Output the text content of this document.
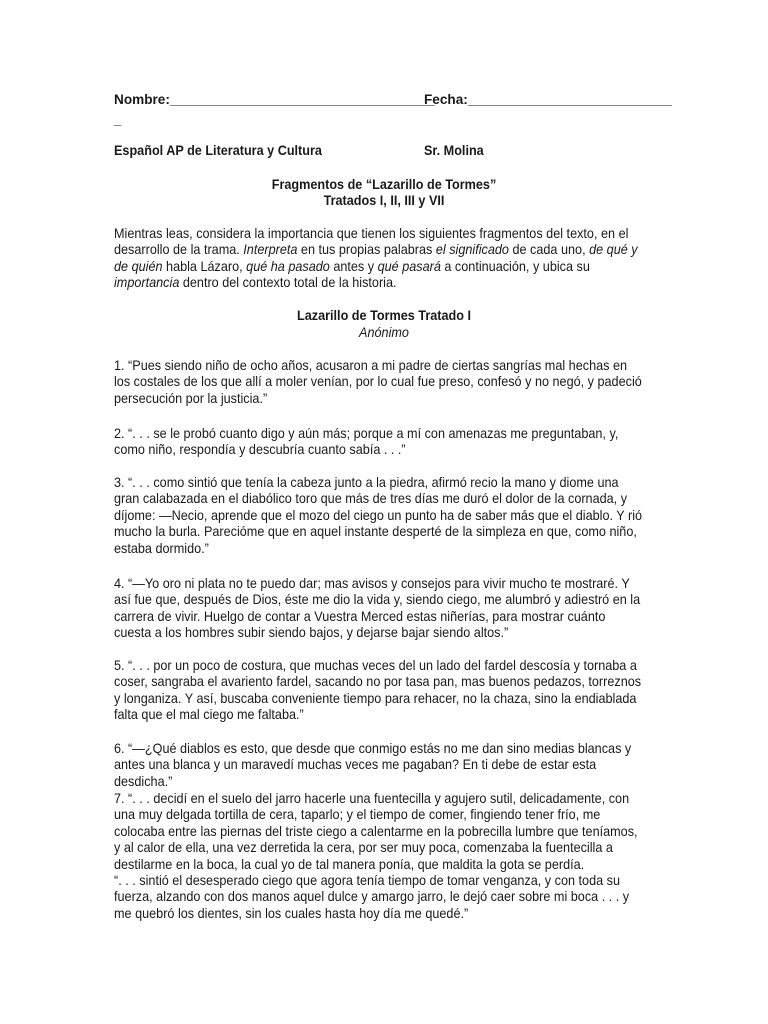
Nombre:___________________________________
Fecha:___________________________
_
Español AP de Literatura y Cultura	Sr. Molina
Fragmentos de “Lazarillo de Tormes”
Tratados I, II, III y VII

Mientras leas, considera la importancia que tienen los siguientes fragmentos del texto, en el desarrollo de la trama. Interpreta en tus propias palabras el significado de cada uno, de qué y de quién habla Lázaro, qué ha pasado antes y qué pasará a continuación, y ubica su importancia dentro del contexto total de la historia.

Lazarillo de Tormes Tratado I
Anónimo
1. “Pues siendo niño de ocho años, acusaron a mi padre de ciertas sangrías mal hechas en los costales de los que allí a moler venían, por lo cual fue preso, confesó y no negó, y padeció persecución por la justicia.”
2. “. . . se le probó cuanto digo y aún más; porque a mí con amenazas me preguntaban, y, como niño, respondía y descubría cuanto sabía . . .”
3. “. . . como sintió que tenía la cabeza junto a la piedra, afirmó recio la mano y diome una gran calabazada en el diabólico toro que más de tres días me duró el dolor de la cornada, y díjome: —Necio, aprende que el mozo del ciego un punto ha de saber más que el diablo. Y rió mucho la burla. Parecióme que en aquel instante desperté de la simpleza en que, como niño, estaba dormido.”
4. “—Yo oro ni plata no te puedo dar; mas avisos y consejos para vivir mucho te mostraré. Y así fue que, después de Dios, éste me dio la vida y, siendo ciego, me alumbró y adiestró en la carrera de vivir. Huelgo de contar a Vuestra Merced estas niñerías, para mostrar cuánto cuesta a los hombres subir siendo bajos, y dejarse bajar siendo altos.”
5. “. . . por un poco de costura, que muchas veces del un lado del fardel descosía y tornaba a coser, sangraba el avariento fardel, sacando no por tasa pan, mas buenos pedazos, torreznos y longaniza. Y así, buscaba conveniente tiempo para rehacer, no la chaza, sino la endiablada falta que el mal ciego me faltaba.”
6. “—¿Qué diablos es esto, que desde que conmigo estás no me dan sino medias blancas y antes una blanca y un maravedí muchas veces me pagaban? En ti debe de estar esta desdicha.”

7. “. . . decidí en el suelo del jarro hacerle una fuentecilla y agujero sutil, delicadamente, con una muy delgada tortilla de cera, taparlo; y el tiempo de comer, fingiendo tener frío, me colocaba entre las piernas del triste ciego a calentarme en la pobrecilla lumbre que teníamos, y al calor de ella, una vez derretida la cera, por ser muy poca, comenzaba la fuentecilla a destilarme en la boca, la cual yo de tal manera ponía, que maldita la gota se perdía.

“. . . sintió el desesperado ciego que agora tenía tiempo de tomar venganza, y con toda su fuerza, alzando con dos manos aquel dulce y amargo jarro, le dejó caer sobre mi boca . . . y me quebró los dientes, sin los cuales hasta hoy día me quedé.”
